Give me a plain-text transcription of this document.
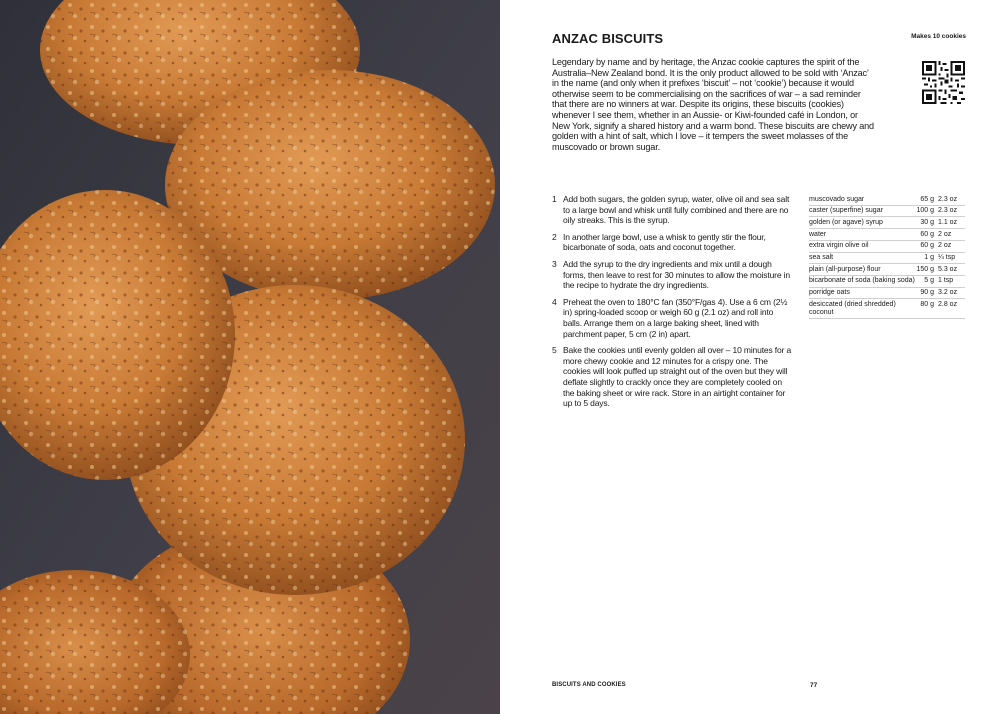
ANZAC BISCUITS	Makes 10 cookies

Legendary by name and by heritage, the Anzac cookie captures the spirit of the Australia–New Zealand bond. It is the only product allowed to be sold with ‘Anzac’ in the name (and only when it prefixes ‘biscuit’ – not ‘cookie’) because it would otherwise seem to be commercialising on the sacrifices of war – a sad reminder that there are no winners at war. Despite its origins, these biscuits (cookies) whenever I see them, whether in an Aussie- or Kiwi-founded café in London, or New York, signify a shared history and a warm bond. These biscuits are chewy and golden with a hint of salt, which I love – it tempers the sweet molasses of the muscovado or brown sugar.

1 Add both sugars, the golden syrup, water, olive oil and sea salt to a large bowl and whisk until fully combined and there are no oily streaks. This is the syrup.
2 In another large bowl, use a whisk to gently stir the flour, bicarbonate of soda, oats and coconut together.
3 Add the syrup to the dry ingredients and mix until a dough forms, then leave to rest for 30 minutes to allow the moisture in the recipe to hydrate the dry ingredients.
4 Preheat the oven to 180°C fan (350°F/gas 4). Use a 6 cm (2½ in) spring-loaded scoop or weigh 60 g (2.1 oz) and roll into balls. Arrange them on a large baking sheet, lined with parchment paper, 5 cm (2 in) apart.
5 Bake the cookies until evenly golden all over – 10 minutes for a more chewy cookie and 12 minutes for a crispy one. The cookies will look puffed up straight out of the oven but they will deflate slightly to crackly once they are completely cooled on the baking sheet or wire rack. Store in an airtight container for up to 5 days.
muscovado sugar	65 g	2.3 oz
caster (superfine) sugar	100 g	2.3 oz
golden (or agave) syrup	30 g	1.1 oz
water	60 g	2 oz
extra virgin olive oil	60 g	2 oz
sea salt	1 g	¼ tsp
plain (all-purpose) flour	150 g	5.3 oz
bicarbonate of soda (baking soda)	5 g	1 tsp
porridge oats	90 g	3.2 oz
desiccated (dried shredded) coconut	80 g	2.8 oz
BISCUITS AND COOKIES	77
